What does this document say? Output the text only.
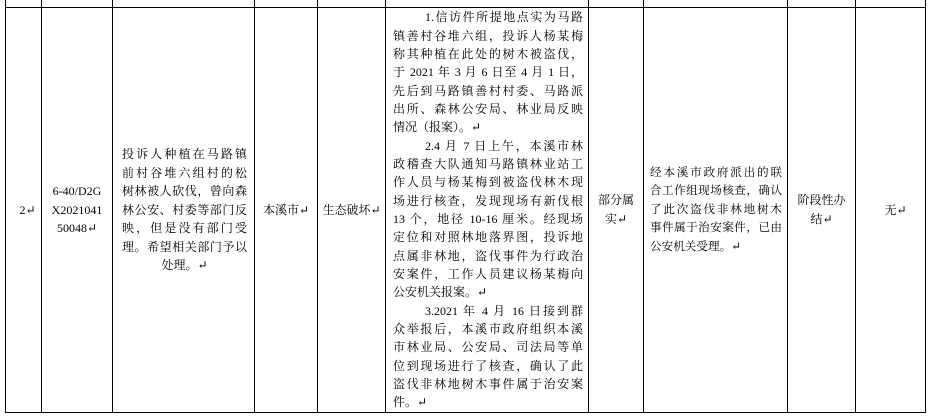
2↵
6-40/D2G
X2021041
50048↵
投诉人种植在马路镇
前村谷堆六组村的松
树林被人砍伐，曾向森
林公安、村委等部门反
映，但是没有部门受
理。希望相关部门予以
处理。↵
本溪市↵	生态破坏↵
1.信访件所提地点实为马路
镇善村谷堆六组，投诉人杨某梅
称其种植在此处的树木被盗伐，
于 2021 年 3 月 6 日至 4 月 1 日，
先后到马路镇善村村委、马路派
出所、森林公安局、林业局反映
情况（报案）。↵
2.4 月 7 日上午，本溪市林
政稽查大队通知马路镇林业站工
作人员与杨某梅到被盗伐林木现
场进行核查，发现现场有新伐根
13 个，地径 10-16 厘米。经现场
定位和对照林地落界图，投诉地
点属非林地，盗伐事件为行政治
安案件，工作人员建议杨某梅向
公安机关报案。↵
3.2021 年 4 月 16 日接到群
众举报后，本溪市政府组织本溪
市林业局、公安局、司法局等单
位到现场进行了核查，确认了此
盗伐非林地树木事件属于治安案
件。↵
部分属
实↵
经本溪市政府派出的联
合工作组现场核查，确认
了此次盗伐非林地树木
事件属于治安案件，已由
公安机关受理。↵
阶段性办
结↵
无↵
